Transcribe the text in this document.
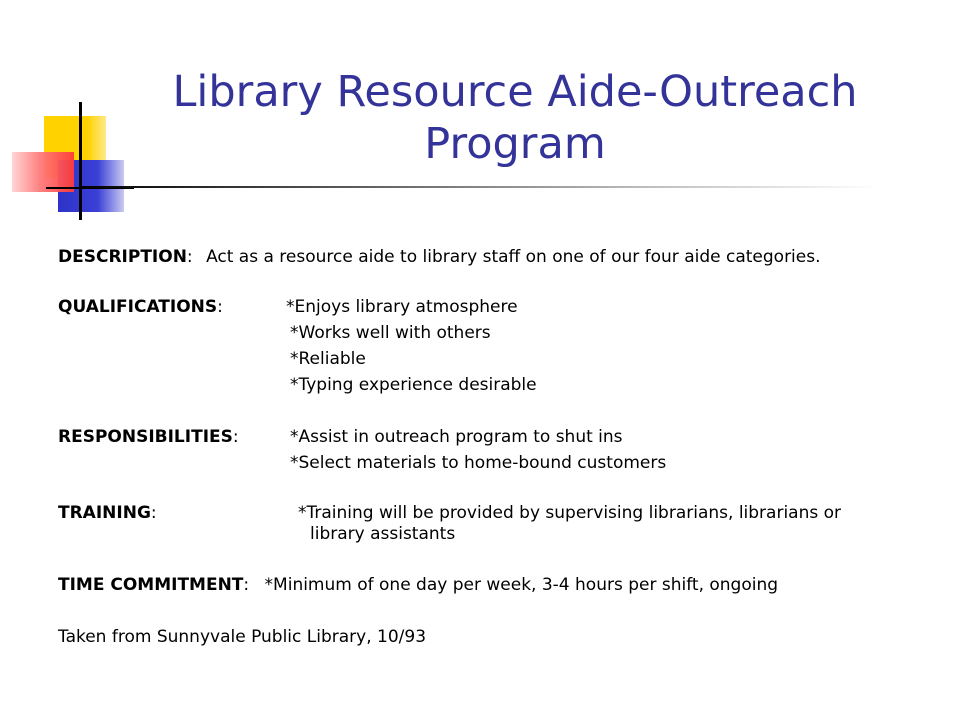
Library Resource Aide-Outreach
Program
DESCRIPTION: Act as a resource aide to library staff on one of our four aide categories.
QUALIFICATIONS:	*Enjoys library atmosphere
*Works well with others
*Reliable
*Typing experience desirable
RESPONSIBILITIES:	*Assist in outreach program to shut ins
*Select materials to home-bound customers
TRAINING:	*Training will be provided by supervising librarians, librarians or
library assistants
TIME COMMITMENT: *Minimum of one day per week, 3-4 hours per shift, ongoing
Taken from Sunnyvale Public Library, 10/93
